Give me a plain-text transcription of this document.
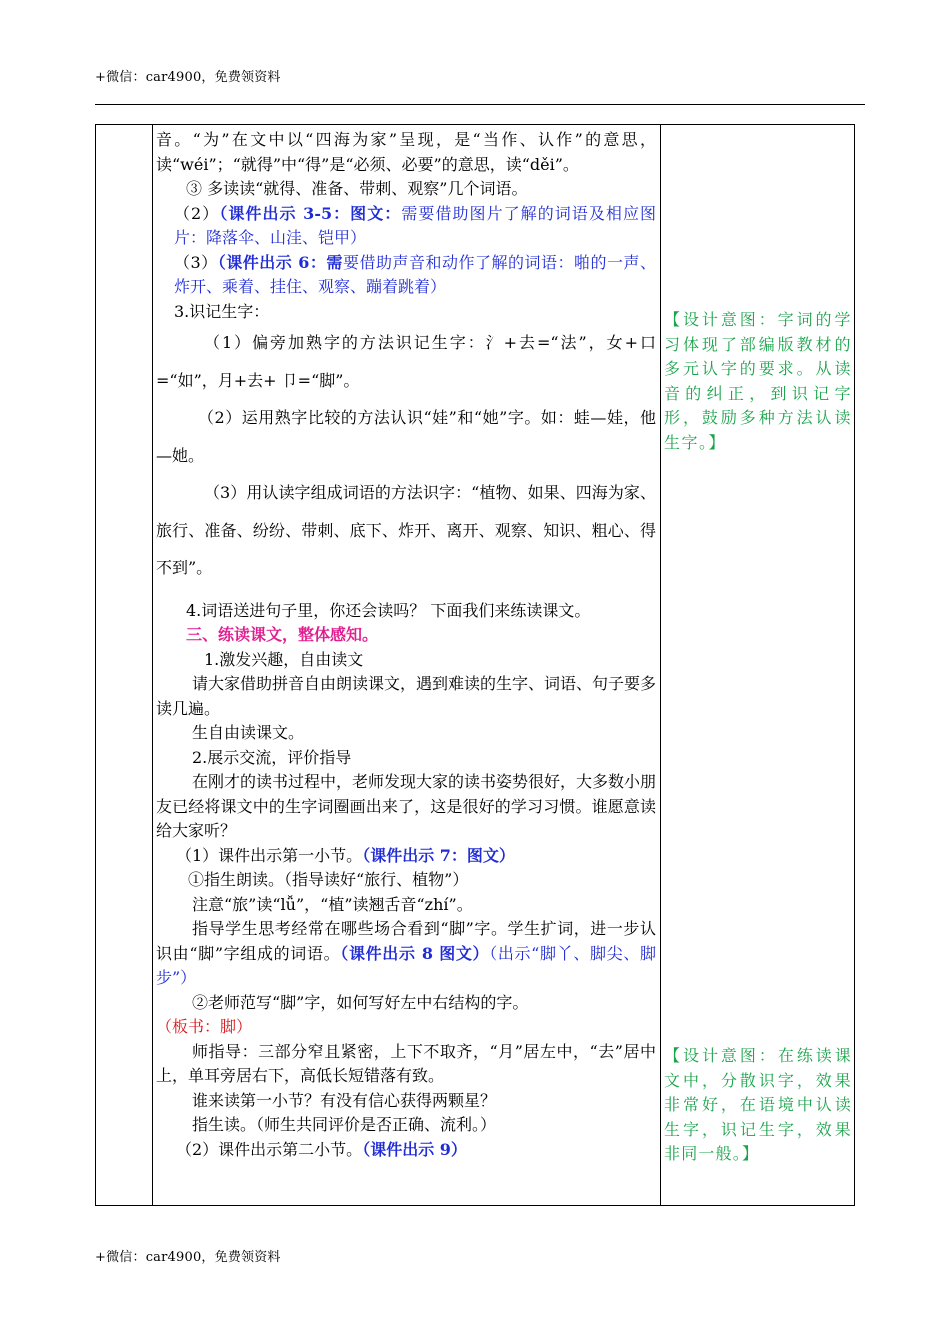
+微信：car4900，免费领资料

音。“为”在文中以“四海为家”呈现，是“当作、认作”的意思，读“wéi”；“就得”中“得”是“必须、必要”的意思，读“děi”。

③ 多读读“就得、准备、带刺、观察”几个词语。

（2）（课件出示 3-5：图文：需要借助图片了解的词语及相应图片：降落伞、山洼、铠甲）

（3）（课件出示 6：需要借助声音和动作了解的词语：啪的一声、炸开、乘着、挂住、观察、蹦着跳着）

3.识记生字：

（1）偏旁加熟字的方法识记生字：氵+去=“法”，女+口=“如”，月+去+ 卩=“脚”。

（2）运用熟字比较的方法认识“娃”和“她”字。如：蛙—娃，他—她。

（3）用认读字组成词语的方法识字：“植物、如果、四海为家、旅行、准备、纷纷、带刺、底下、炸开、离开、观察、知识、粗心、得不到”。

4.词语送进句子里，你还会读吗？ 下面我们来练读课文。

三、练读课文，整体感知。

1.激发兴趣，自由读文

请大家借助拼音自由朗读课文，遇到难读的生字、词语、句子要多读几遍。

生自由读课文。

2.展示交流，评价指导

在刚才的读书过程中，老师发现大家的读书姿势很好，大多数小朋友已经将课文中的生字词圈画出来了，这是很好的学习习惯。谁愿意读给大家听？

（1）课件出示第一小节。（课件出示 7：图文）

①指生朗读。（指导读好“旅行、植物”）

注意“旅”读“lǚ”，“植”读翘舌音“zhí”。

指导学生思考经常在哪些场合看到“脚”字。学生扩词，进一步认识由“脚”字组成的词语。（课件出示 8 图文）（出示“脚丫、脚尖、脚步”）

②老师范写“脚”字，如何写好左中右结构的字。

（板书：脚）

师指导：三部分窄且紧密，上下不取齐，“月”居左中，“去”居中上，单耳旁居右下，高低长短错落有致。

谁来读第一小节？有没有信心获得两颗星？

指生读。（师生共同评价是否正确、流利。）

（2）课件出示第二小节。（课件出示 9）

【设计意图：字词的学习体现了部编版教材的多元认字的要求。从读音的纠正，到识记字形，鼓励多种方法认读生字。】
【设计意图：在练读课文中，分散识字，效果非常好，在语境中认读生字，识记生字，效果非同一般。】
+微信：car4900，免费领资料
